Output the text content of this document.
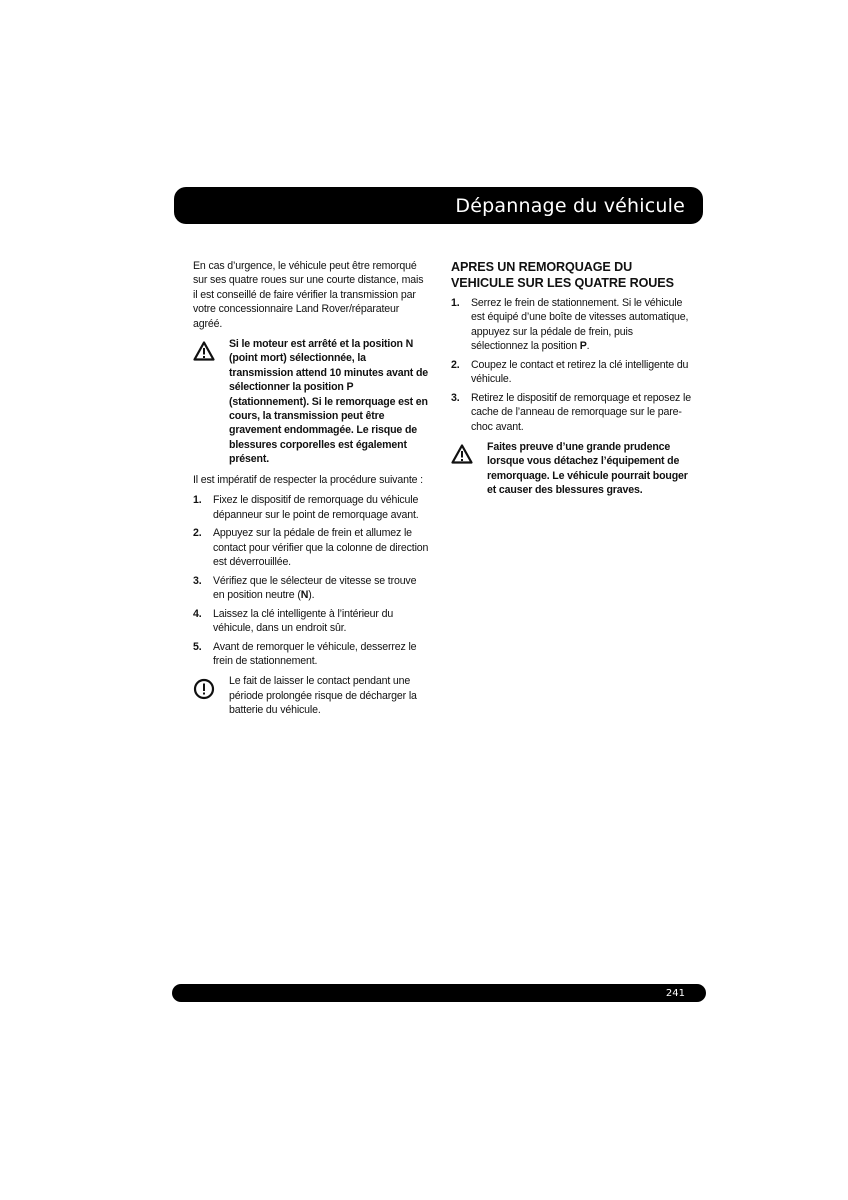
Dépannage du véhicule

En cas d’urgence, le véhicule peut être remorqué sur ses quatre roues sur une courte distance, mais il est conseillé de faire vérifier la transmission par votre concessionnaire Land Rover/réparateur agréé.

Si le moteur est arrêté et la position N (point mort) sélectionnée, la transmission attend 10 minutes avant de sélectionner la position P (stationnement). Si le remorquage est en cours, la transmission peut être gravement endommagée. Le risque de blessures corporelles est également présent.

Il est impératif de respecter la procédure suivante :

1.	Fixez le dispositif de remorquage du véhicule dépanneur sur le point de remorquage avant.
2.	Appuyez sur la pédale de frein et allumez le contact pour vérifier que la colonne de direction est déverrouillée.
3.	Vérifiez que le sélecteur de vitesse se trouve en position neutre (N).
4.	Laissez la clé intelligente à l’intérieur du véhicule, dans un endroit sûr.
5.	Avant de remorquer le véhicule, desserrez le frein de stationnement.

Le fait de laisser le contact pendant une période prolongée risque de décharger la batterie du véhicule.

APRES UN REMORQUAGE DU VEHICULE SUR LES QUATRE ROUES

1.	Serrez le frein de stationnement. Si le véhicule est équipé d’une boîte de vitesses automatique, appuyez sur la pédale de frein, puis sélectionnez la position P.
2.	Coupez le contact et retirez la clé intelligente du véhicule.
3.	Retirez le dispositif de remorquage et reposez le cache de l’anneau de remorquage sur le pare-choc avant.

Faites preuve d’une grande prudence lorsque vous détachez l’équipement de remorquage. Le véhicule pourrait bouger et causer des blessures graves.

241
